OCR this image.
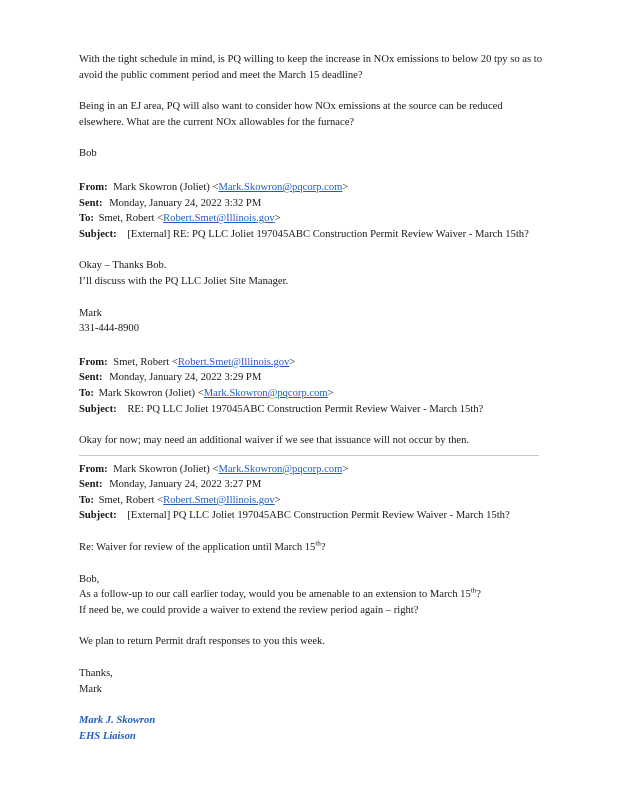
With the tight schedule in mind, is PQ willing to keep the increase in NOx emissions to below 20 tpy so as to avoid the public comment period and meet the March 15 deadline?

Being in an EJ area, PQ will also want to consider how NOx emissions at the source can be reduced elsewhere. What are the current NOx allowables for the furnace?

Bob

From: Mark Skowron (Joliet) <Mark.Skowron@pqcorp.com>

Sent: Monday, January 24, 2022 3:32 PM

To: Smet, Robert <Robert.Smet@Illinois.gov>

Subject: [External] RE: PQ LLC Joliet 197045ABC Construction Permit Review Waiver - March 15th?

Okay – Thanks Bob.

I’ll discuss with the PQ LLC Joliet Site Manager.

Mark

331-444-8900

From: Smet, Robert <Robert.Smet@Illinois.gov>

Sent: Monday, January 24, 2022 3:29 PM

To: Mark Skowron (Joliet) <Mark.Skowron@pqcorp.com>

Subject: RE: PQ LLC Joliet 197045ABC Construction Permit Review Waiver - March 15th?

Okay for now; may need an additional waiver if we see that issuance will not occur by then.

From: Mark Skowron (Joliet) <Mark.Skowron@pqcorp.com>

Sent: Monday, January 24, 2022 3:27 PM

To: Smet, Robert <Robert.Smet@Illinois.gov>

Subject: [External] PQ LLC Joliet 197045ABC Construction Permit Review Waiver - March 15th?

Re: Waiver for review of the application until March 15th?

Bob,

As a follow-up to our call earlier today, would you be amenable to an extension to March 15th?

If need be, we could provide a waiver to extend the review period again – right?

We plan to return Permit draft responses to you this week.

Thanks,

Mark

Mark J. Skowron

EHS Liaison
